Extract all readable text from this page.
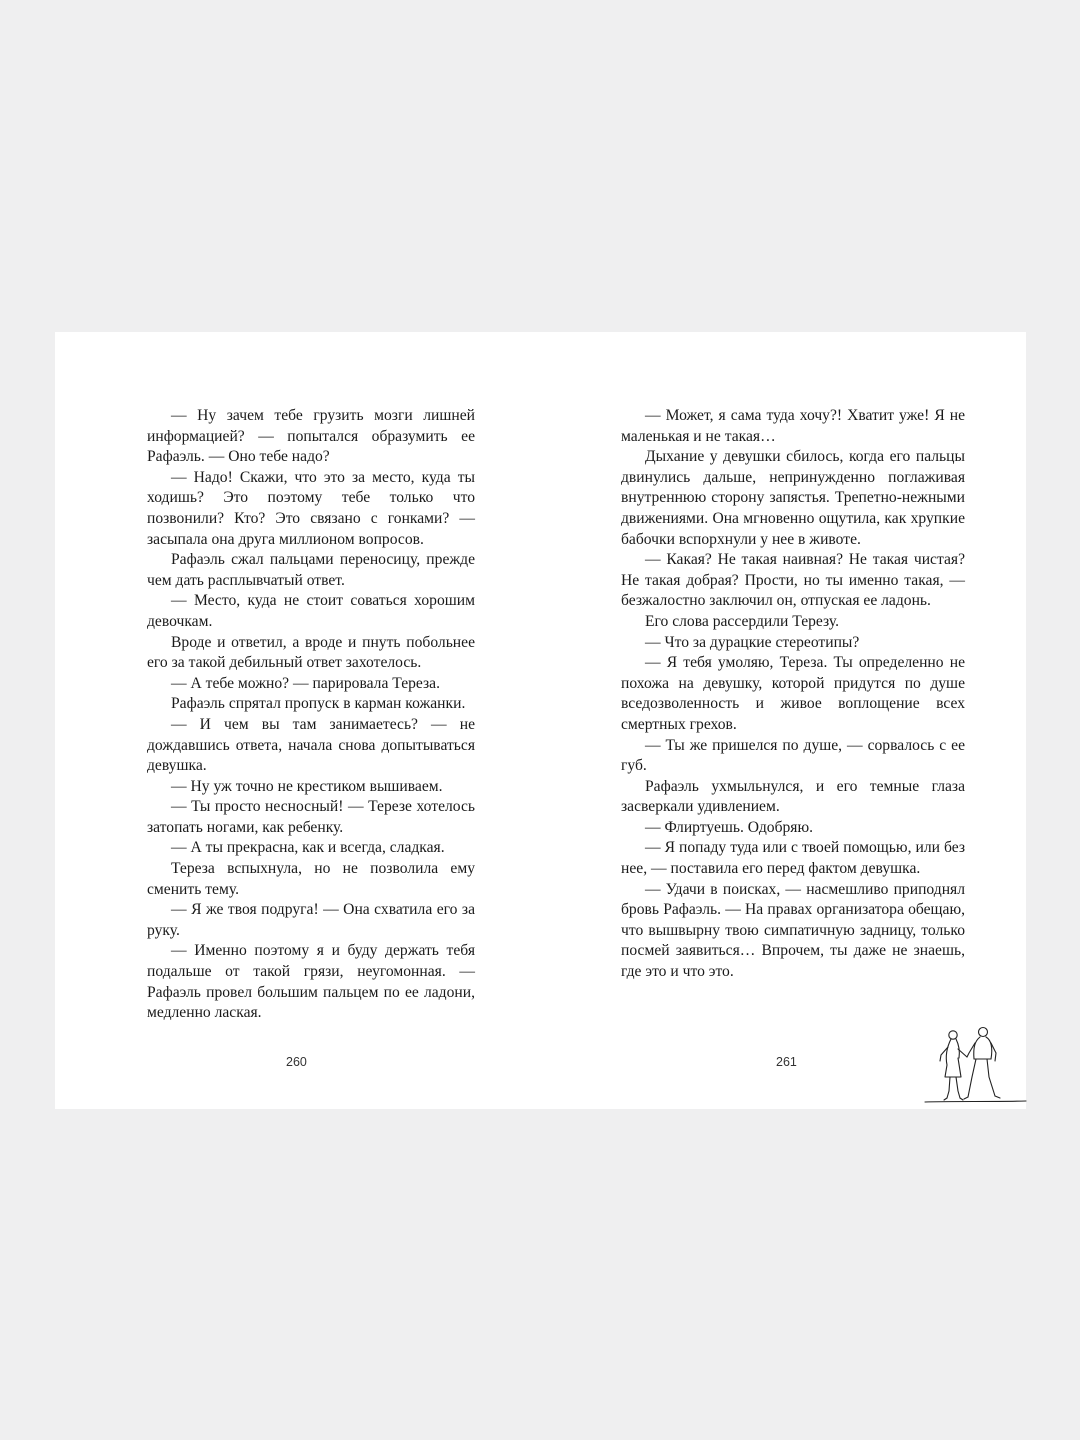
— Ну зачем тебе грузить мозги лишней информацией? — попытался образумить ее Рафаэль. — Оно тебе надо?

— Надо! Скажи, что это за место, куда ты ходишь? Это поэтому тебе только что позвонили? Кто? Это связано с гонками? — засыпала она друга миллионом вопросов.

Рафаэль сжал пальцами переносицу, прежде чем дать расплывчатый ответ.

— Место, куда не стоит соваться хорошим девочкам.

Вроде и ответил, а вроде и пнуть побольнее его за такой дебильный ответ захотелось.

— А тебе можно? — парировала Тереза.

Рафаэль спрятал пропуск в карман кожанки.

— И чем вы там занимаетесь? — не дождавшись ответа, начала снова допытываться девушка.

— Ну уж точно не крестиком вышиваем.

— Ты просто несносный! — Терезе хотелось затопать ногами, как ребенку.

— А ты прекрасна, как и всегда, сладкая.

Тереза вспыхнула, но не позволила ему сменить тему.

— Я же твоя подруга! — Она схватила его за руку.

— Именно поэтому я и буду держать тебя подальше от такой грязи, неугомонная. — Рафаэль провел большим пальцем по ее ладони, медленно лаская.

260

— Может, я сама туда хочу?! Хватит уже! Я не маленькая и не такая…

Дыхание у девушки сбилось, когда его пальцы двинулись дальше, непринужденно поглаживая внутреннюю сторону запястья. Трепетно-нежными движениями. Она мгновенно ощутила, как хрупкие бабочки вспорхнули у нее в животе.

— Какая? Не такая наивная? Не такая чистая? Не такая добрая? Прости, но ты именно такая, — безжалостно заключил он, отпуская ее ладонь.

Его слова рассердили Терезу.

— Что за дурацкие стереотипы?

— Я тебя умоляю, Тереза. Ты определенно не похожа на девушку, которой придутся по душе вседозволенность и живое воплощение всех смертных грехов.

— Ты же пришелся по душе, — сорвалось с ее губ.

Рафаэль ухмыльнулся, и его темные глаза засверкали удивлением.

— Флиртуешь. Одобряю.

— Я попаду туда или с твоей помощью, или без нее, — поставила его перед фактом девушка.

— Удачи в поисках, — насмешливо приподнял бровь Рафаэль. — На правах организатора обещаю, что вышвырну твою симпатичную задницу, только посмей заявиться… Впрочем, ты даже не знаешь, где это и что это.

261
